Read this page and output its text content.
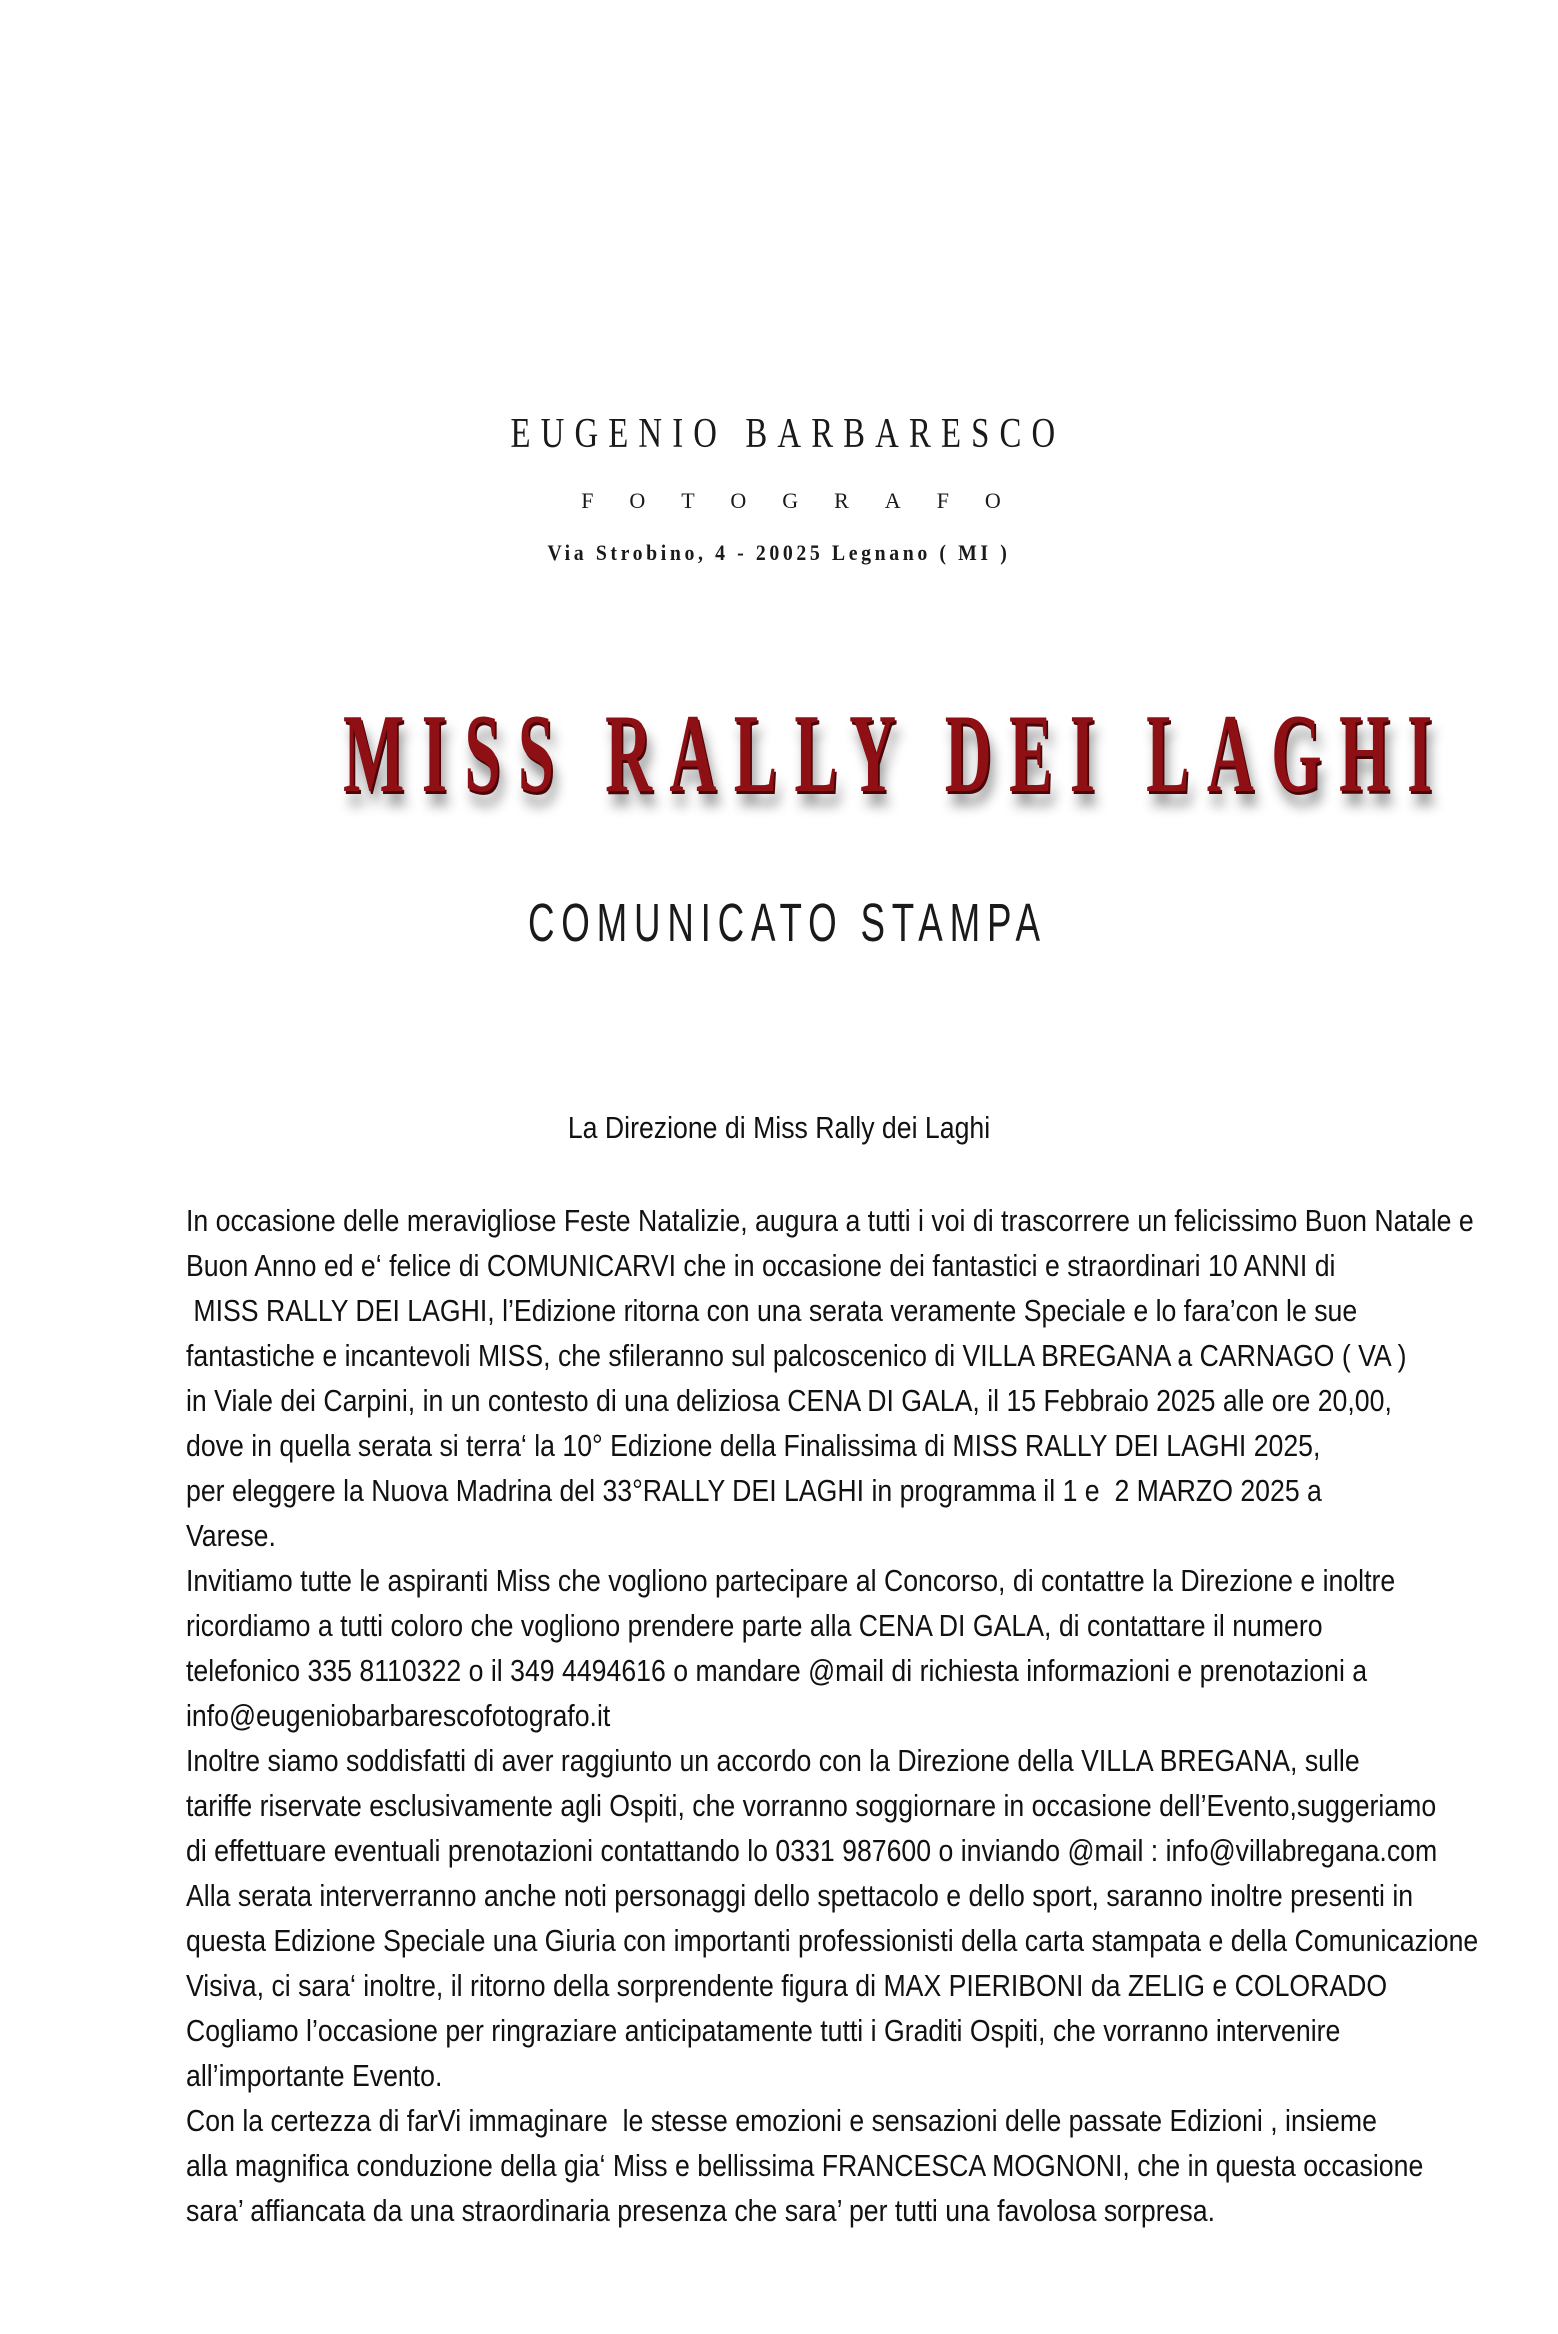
EUGENIO BARBARESCO
FOTOGRAFO
Via Strobino, 4 - 20025 Legnano ( MI )
MISS RALLY DEI LAGHI
COMUNICATO STAMPA
La Direzione di Miss Rally dei Laghi
In occasione delle meravigliose Feste Natalizie, augura a tutti i voi di trascorrere un felicissimo Buon Natale e
Buon Anno ed e‘ felice di COMUNICARVI che in occasione dei fantastici e straordinari 10 ANNI di
MISS RALLY DEI LAGHI, l’Edizione ritorna con una serata veramente Speciale e lo fara’con le sue
fantastiche e incantevoli MISS, che sfileranno sul palcoscenico di VILLA BREGANA a CARNAGO ( VA )
in Viale dei Carpini, in un contesto di una deliziosa CENA DI GALA, il 15 Febbraio 2025 alle ore 20,00,
dove in quella serata si terra‘ la 10° Edizione della Finalissima di MISS RALLY DEI LAGHI 2025,
per eleggere la Nuova Madrina del 33°RALLY DEI LAGHI in programma il 1 e  2 MARZO 2025 a
Varese.
Invitiamo tutte le aspiranti Miss che vogliono partecipare al Concorso, di contattre la Direzione e inoltre
ricordiamo a tutti coloro che vogliono prendere parte alla CENA DI GALA, di contattare il numero
telefonico 335 8110322 o il 349 4494616 o mandare @mail di richiesta informazioni e prenotazioni a
info@eugeniobarbarescofotografo.it
Inoltre siamo soddisfatti di aver raggiunto un accordo con la Direzione della VILLA BREGANA, sulle
tariffe riservate esclusivamente agli Ospiti, che vorranno soggiornare in occasione dell’Evento,suggeriamo
di effettuare eventuali prenotazioni contattando lo 0331 987600 o inviando @mail : info@villabregana.com
Alla serata interverranno anche noti personaggi dello spettacolo e dello sport, saranno inoltre presenti in
questa Edizione Speciale una Giuria con importanti professionisti della carta stampata e della Comunicazione
Visiva, ci sara‘ inoltre, il ritorno della sorprendente figura di MAX PIERIBONI da ZELIG e COLORADO
Cogliamo l’occasione per ringraziare anticipatamente tutti i Graditi Ospiti, che vorranno intervenire
all’importante Evento.
Con la certezza di farVi immaginare  le stesse emozioni e sensazioni delle passate Edizioni , insieme
alla magnifica conduzione della gia‘ Miss e bellissima FRANCESCA MOGNONI, che in questa occasione
sara’ affiancata da una straordinaria presenza che sara’ per tutti una favolosa sorpresa.
